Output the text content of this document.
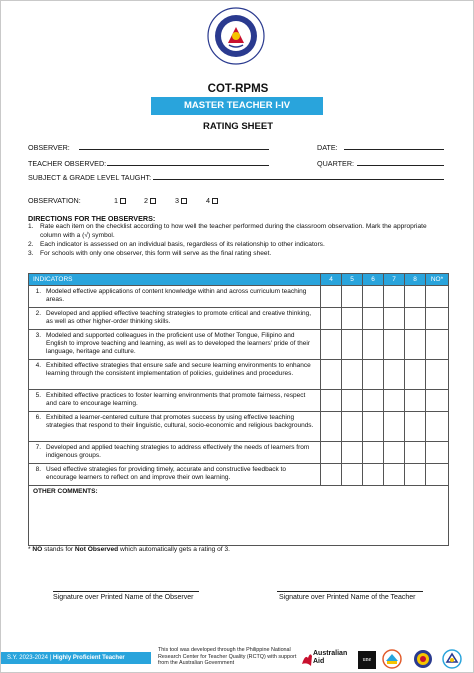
COT-RPMS
MASTER TEACHER I-IV
RATING SHEET
OBSERVER:	DATE:
TEACHER OBSERVED:	QUARTER:
SUBJECT & GRADE LEVEL TAUGHT:
OBSERVATION:	1	2	3	4
DIRECTIONS FOR THE OBSERVERS:
1. Rate each item on the checklist according to how well the teacher performed during the classroom observation. Mark the appropriate column with a (√) symbol.
2. Each indicator is assessed on an individual basis, regardless of its relationship to other indicators.
3. For schools with only one observer, this form will serve as the final rating sheet.
INDICATORS	4	5	6	7	8	NO*
1. Modeled effective applications of content knowledge within and across curriculum teaching areas.						
2. Developed and applied effective teaching strategies to promote critical and creative thinking, as well as other higher-order thinking skills.						
3. Modeled and supported colleagues in the proficient use of Mother Tongue, Filipino and English to improve teaching and learning, as well as to developed the learners' pride of their language, heritage and culture.						
4. Exhibited effective strategies that ensure safe and secure learning environments to enhance learning through the consistent implementation of policies, guidelines and procedures.						
5. Exhibited effective practices to foster learning environments that promote fairness, respect and care to encourage learning.						
6. Exhibited a learner-centered culture that promotes success by using effective teaching strategies that respond to their linguistic, cultural, socio-economic and religious backgrounds.						
7. Developed and applied teaching strategies to address effectively the needs of learners from indigenous groups.						
8. Used effective strategies for providing timely, accurate and constructive feedback to encourage learners to reflect on and improve their own learning.						
OTHER COMMENTS:						
* NO stands for Not Observed which automatically gets a rating of 3.
Signature over Printed Name of the Observer	Signature over Printed Name of the Teacher
S.Y. 2023-2024 | Highly Proficient Teacher
This tool was developed through the Philippine National Research Center for Teacher Quality (RCTQ) with support from the Australian Government
Australian
Aid	une
